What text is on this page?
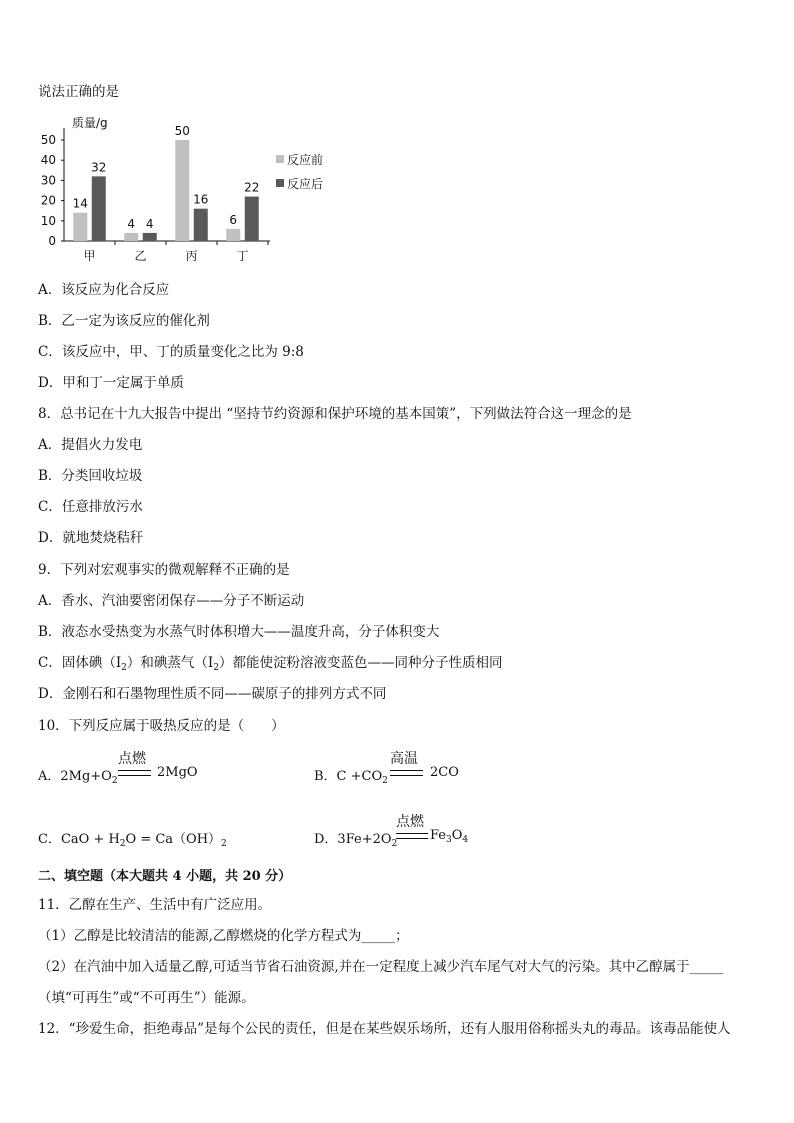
说法正确的是
质量/g
0
10
20
30
40
50
14
32
4 4
50
16
6
22
甲	乙	丙	丁
反应前
反应后
A．该反应为化合反应
B．乙一定为该反应的催化剂
C．该反应中，甲、丁的质量变化之比为 9:8
D．甲和丁一定属于单质
8．总书记在十九大报告中提出 “坚持节约资源和保护环境的基本国策”，下列做法符合这一理念的是
A．提倡火力发电
B．分类回收垃圾
C．任意排放污水
D．就地焚烧秸秆
9．下列对宏观事实的微观解释不正确的是
A．香水、汽油要密闭保存——分子不断运动
B．液态水受热变为水蒸气时体积增大——温度升高，分子体积变大
C．固体碘$(I_2)$和碘蒸气$(I_2)$都能使淀粉溶液变蓝色——同种分子性质相同
D．金刚石和石墨物理性质不同——碳原子的排列方式不同
10．下列反应属于吸热反应的是（　　）
A．$2Mg+O_2$
点燃
2MgO	B．$C +CO_2$
高温
2CO
C．CaO + $H_2O = Ca(OH)_2$	D．$3Fe+2O_2$
点燃
$Fe_3O_4$
二、填空题（本大题共 4 小题，共 20 分）
11．乙醇在生产、生活中有广泛应用。
（1）乙醇是比较清洁的能源,乙醇燃烧的化学方程式为_____；
（2）在汽油中加入适量乙醇,可适当节省石油资源,并在一定程度上减少汽车尾气对大气的污染。其中乙醇属于_____
（填“可再生”或“不可再生”）能源。
12．“珍爱生命，拒绝毒品”是每个公民的责任，但是在某些娱乐场所，还有人服用俗称摇头丸的毒品。该毒品能使人
